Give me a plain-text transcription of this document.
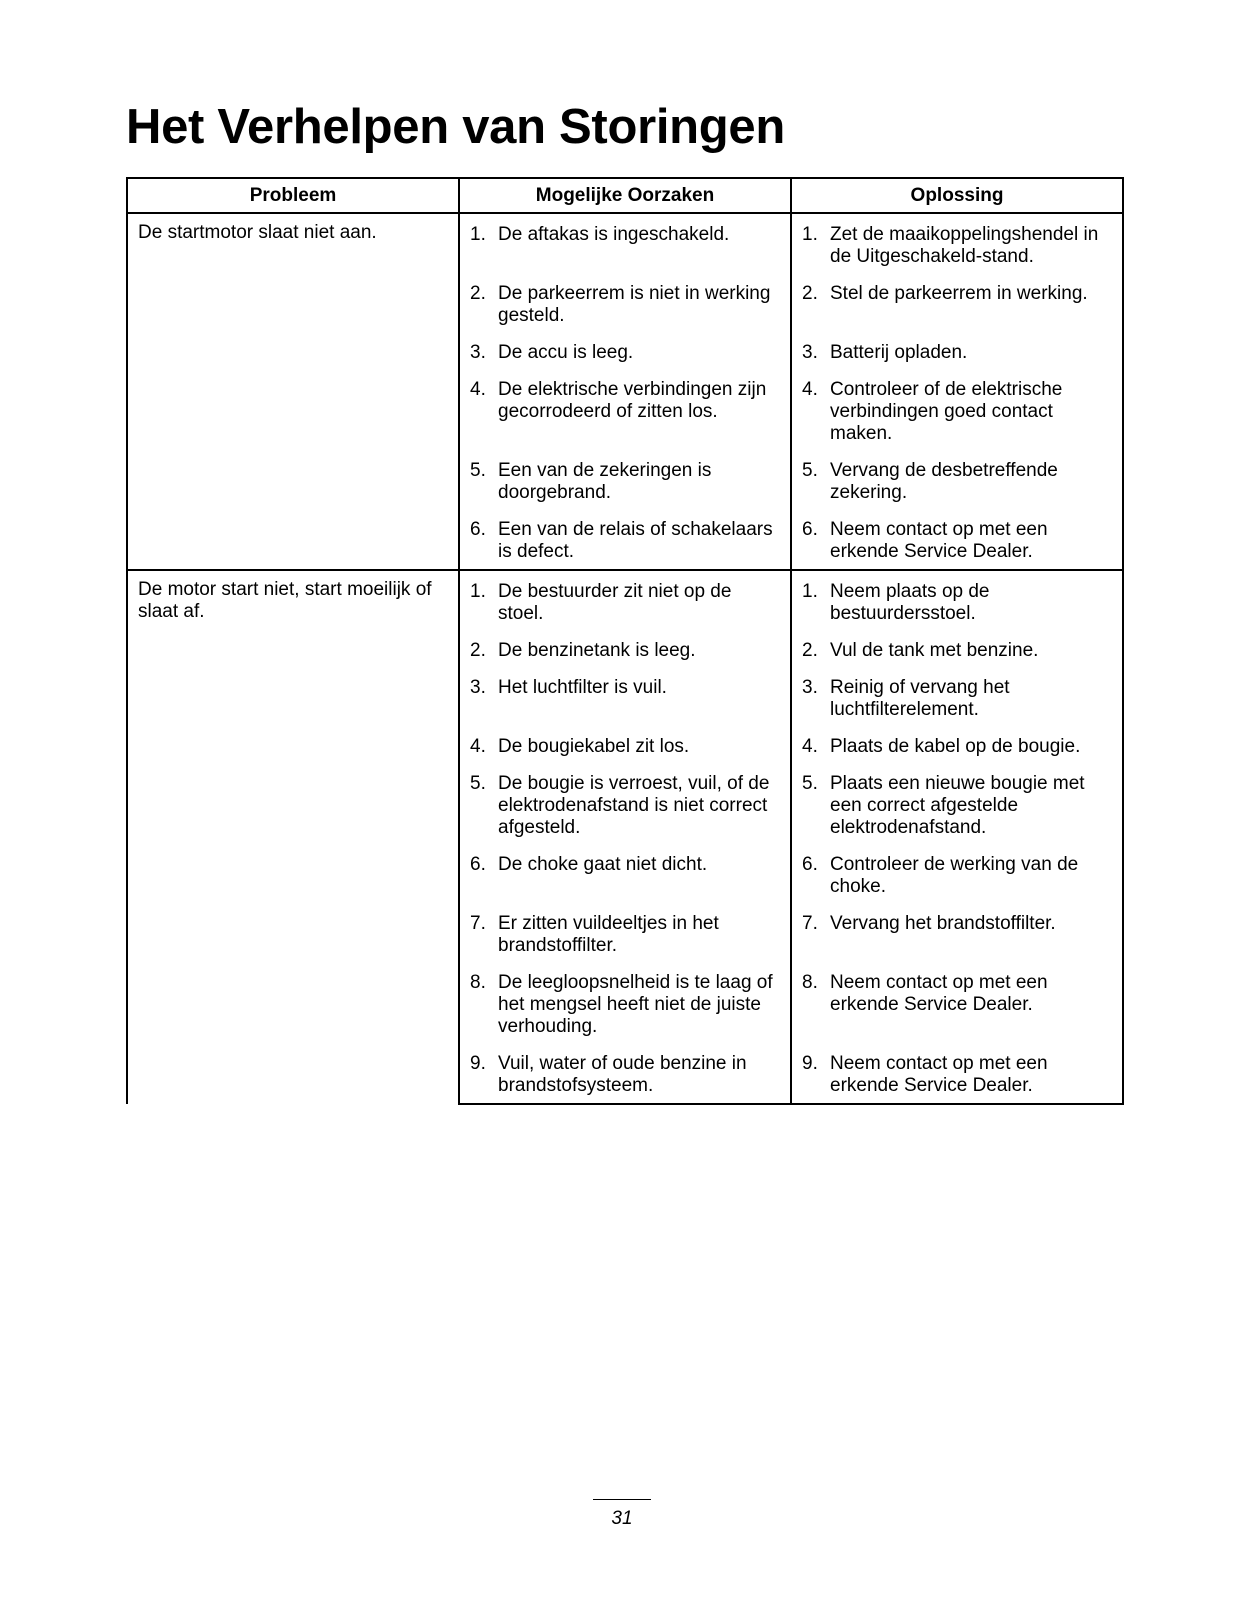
Het Verhelpen van Storingen
Probleem	Mogelijke Oorzaken	Oplossing
De startmotor slaat niet aan.	1. De aftakas is ingeschakeld.	1. Zet de maaikoppelingshendel in de Uitgeschakeld-stand.

	2. De parkeerrem is niet in werking gesteld.	2. Stel de parkeerrem in werking.

	3. De accu is leeg.	3. Batterij opladen.

	4. De elektrische verbindingen zijn gecorrodeerd of zitten los.	4. Controleer of de elektrische verbindingen goed contact maken.

	5. Een van de zekeringen is doorgebrand.	5. Vervang de desbetreffende zekering.

	6. Een van de relais of schakelaars is defect.	6. Neem contact op met een erkende Service Dealer.

De motor start niet, start moeilijk of slaat af.	1. De bestuurder zit niet op de stoel.	1. Neem plaats op de bestuurdersstoel.

	2. De benzinetank is leeg.	2. Vul de tank met benzine.

	3. Het luchtfilter is vuil.	3. Reinig of vervang het luchtfilterelement.

	4. De bougiekabel zit los.	4. Plaats de kabel op de bougie.

	5. De bougie is verroest, vuil, of de elektrodenafstand is niet correct afgesteld.	5. Plaats een nieuwe bougie met een correct afgestelde elektrodenafstand.

	6. De choke gaat niet dicht.	6. Controleer de werking van de choke.

	7. Er zitten vuildeeltjes in het brandstoffilter.	7. Vervang het brandstoffilter.

	8. De leegloopsnelheid is te laag of het mengsel heeft niet de juiste verhouding.	8. Neem contact op met een erkende Service Dealer.

	9. Vuil, water of oude benzine in brandstofsysteem.	9. Neem contact op met een erkende Service Dealer.
31
